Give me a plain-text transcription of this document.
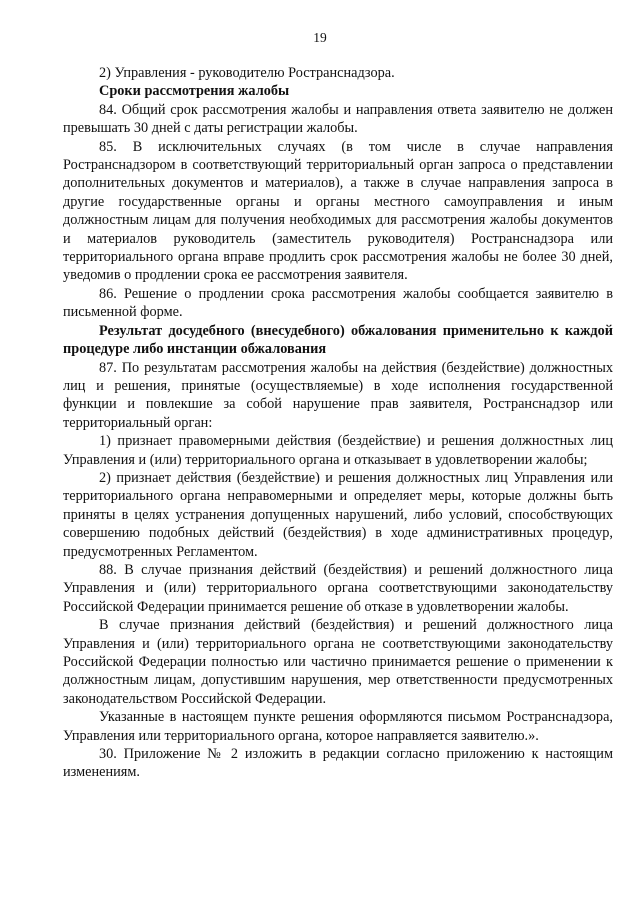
19

2) Управления - руководителю Ространснадзора.

Сроки рассмотрения жалобы

84. Общий срок рассмотрения жалобы и направления ответа заявителю не должен превышать 30 дней с даты регистрации жалобы.

85. В исключительных случаях (в том числе в случае направления Ространснадзором в соответствующий территориальный орган запроса о представлении дополнительных документов и материалов), а также в случае направления запроса в другие государственные органы и органы местного самоуправления и иным должностным лицам для получения необходимых для рассмотрения жалобы документов и материалов руководитель (заместитель руководителя) Ространснадзора или территориального органа вправе продлить срок рассмотрения жалобы не более 30 дней, уведомив о продлении срока ее рассмотрения заявителя.

86. Решение о продлении срока рассмотрения жалобы сообщается заявителю в письменной форме.

Результат досудебного (внесудебного) обжалования применительно к каждой процедуре либо инстанции обжалования

87. По результатам рассмотрения жалобы на действия (бездействие) должностных лиц и решения, принятые (осуществляемые) в ходе исполнения государственной функции и повлекшие за собой нарушение прав заявителя, Ространснадзор или территориальный орган:

1) признает правомерными действия (бездействие) и решения должностных лиц Управления и (или) территориального органа и отказывает в удовлетворении жалобы;

2) признает действия (бездействие) и решения должностных лиц Управления или территориального органа неправомерными и определяет меры, которые должны быть приняты в целях устранения допущенных нарушений, либо условий, способствующих совершению подобных действий (бездействия) в ходе административных процедур, предусмотренных Регламентом.

88. В случае признания действий (бездействия) и решений должностного лица Управления и (или) территориального органа соответствующими законодательству Российской Федерации принимается решение об отказе в удовлетворении жалобы.

В случае признания действий (бездействия) и решений должностного лица Управления и (или) территориального органа не соответствующими законодательству Российской Федерации полностью или частично принимается решение о применении к должностным лицам, допустившим нарушения, мер ответственности предусмотренных законодательством Российской Федерации.

Указанные в настоящем пункте решения оформляются письмом Ространснадзора, Управления или территориального органа, которое направляется заявителю.».

30. Приложение № 2 изложить в редакции согласно приложению к настоящим изменениям.
